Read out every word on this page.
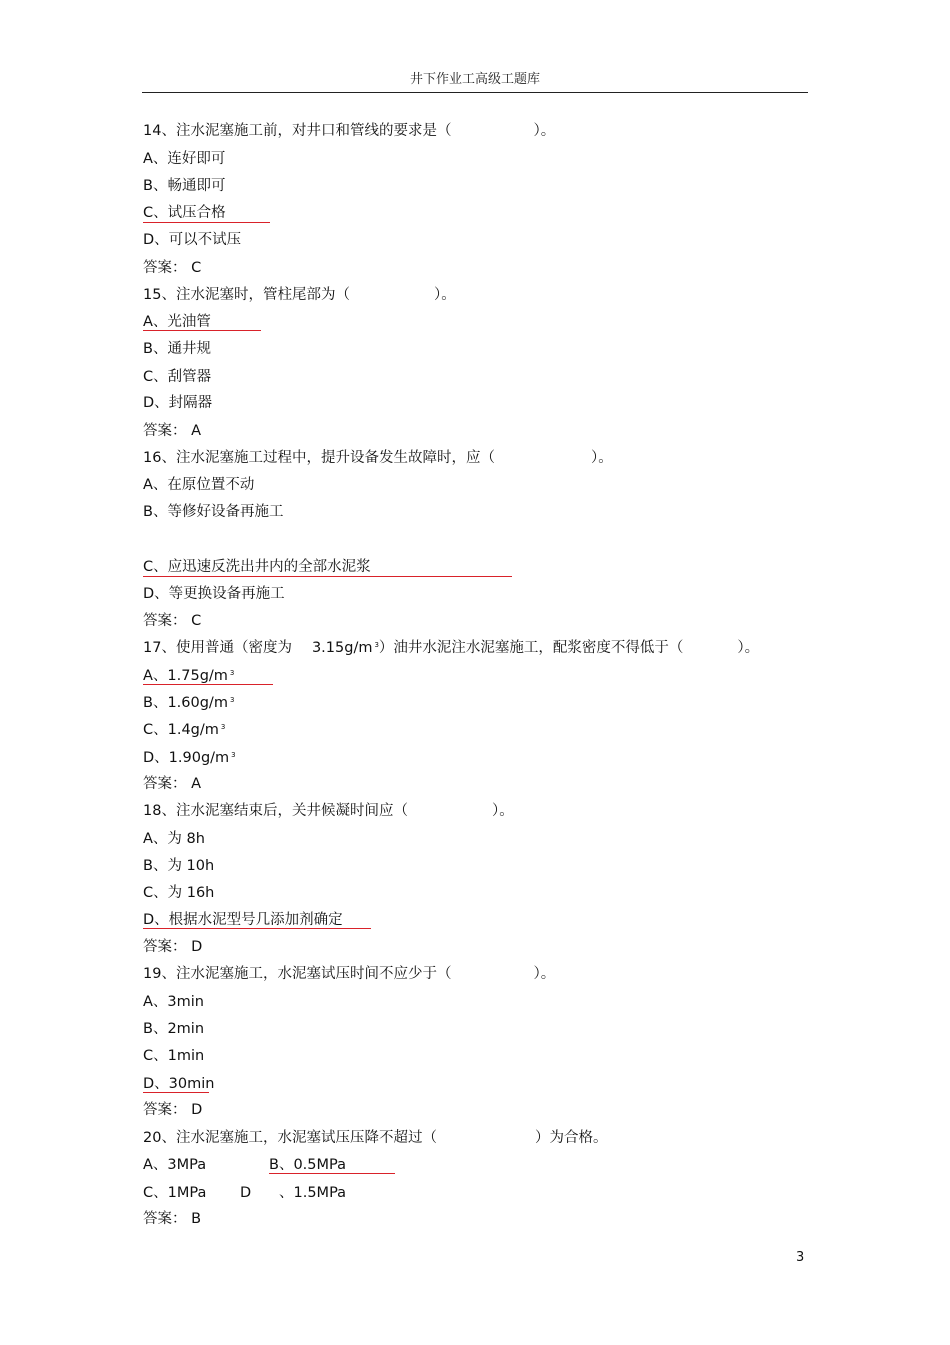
井下作业工高级工题库
14、注水泥塞施工前，对井口和管线的要求是（	）。
A、连好即可
B、畅通即可
C、试压合格
D、可以不试压
答案： C
15、注水泥塞时，管柱尾部为（	）。
A、光油管
B、通井规
C、刮管器
D、封隔器
答案： A
16、注水泥塞施工过程中，提升设备发生故障时，应（	）。
A、在原位置不动
B、等修好设备再施工
C、应迅速反洗出井内的全部水泥浆
D、等更换设备再施工
答案： C
17、使用普通（密度为 3.15g/m $^3$）油井水泥注水泥塞施工，配浆密度不得低于（	）。
A、1.75g/m $^3$
B、1.60g/m $^3$
C、1.4g/m $^3$
D、1.90g/m $^3$
答案： A
18、注水泥塞结束后，关井候凝时间应（	）。
A、为 8h
B、为 10h
C、为 16h
D、根据水泥型号几添加剂确定
答案： D
19、注水泥塞施工，水泥塞试压时间不应少于（	）。
A、3min
B、2min
C、1min
D、30min
答案： D
20、注水泥塞施工，水泥塞试压压降不超过（	）为合格。
A、3MPa	B、0.5MPa
C、1MPa D 、1.5MPa
答案： B
3
